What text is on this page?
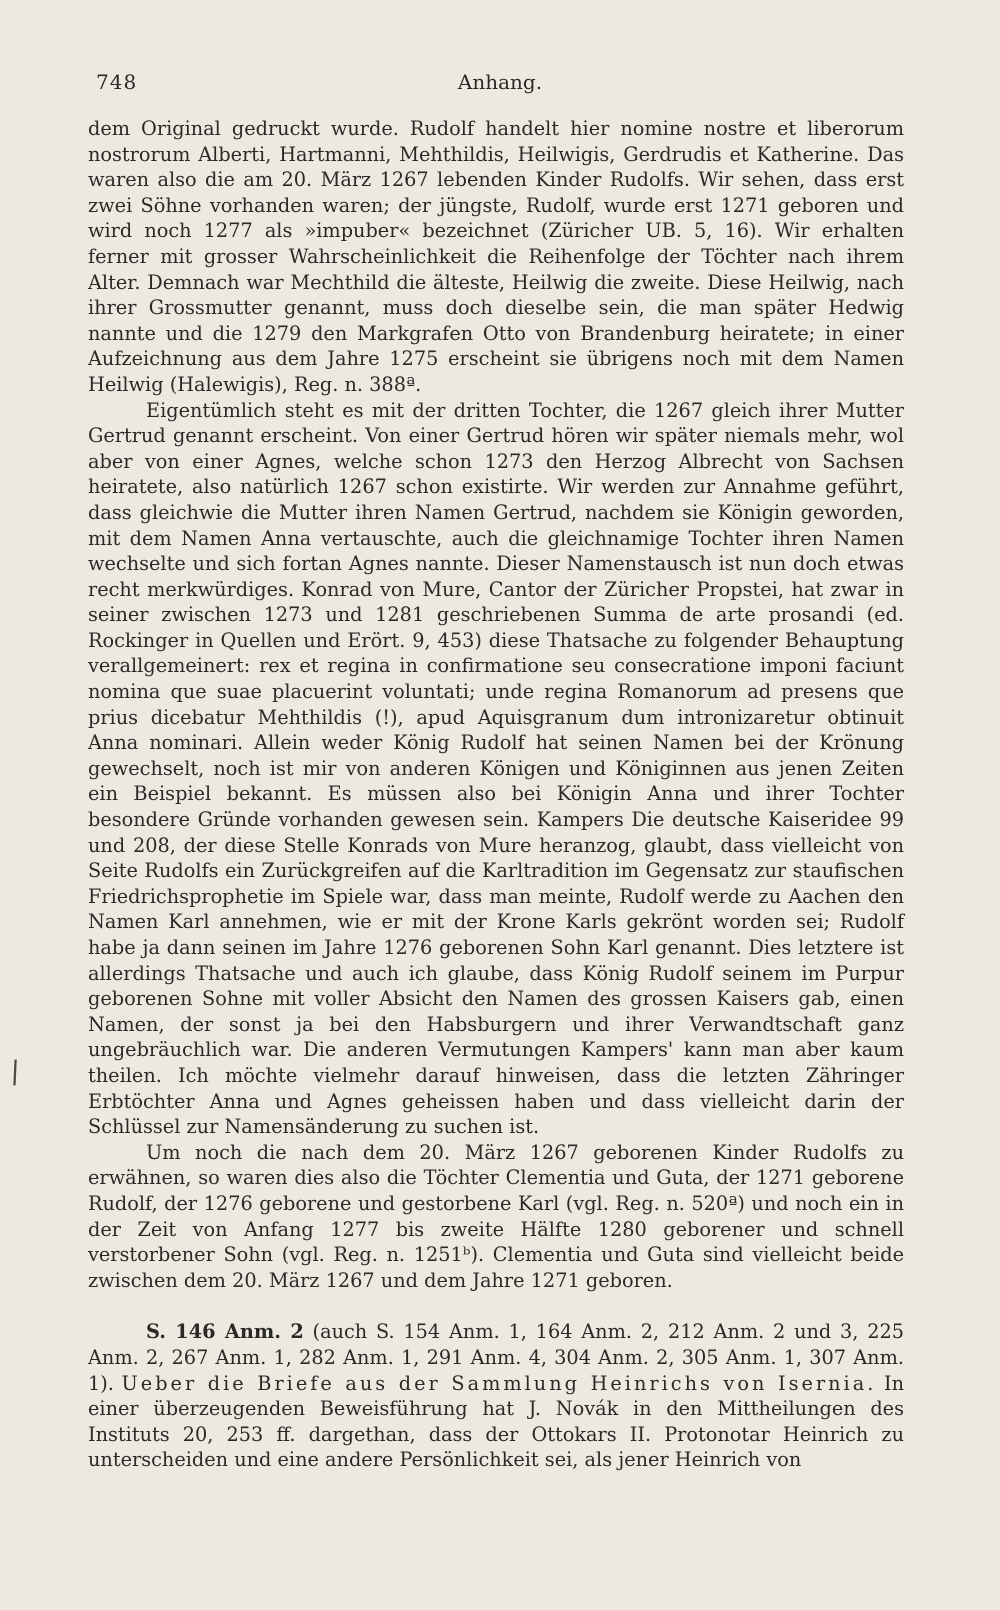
748	Anhang.
/

dem Original gedruckt wurde. Rudolf handelt hier nomine nostre et liberorum nostrorum Alberti, Hartmanni, Mehthildis, Heilwigis, Gerdrudis et Katherine. Das waren also die am 20. März 1267 lebenden Kinder Rudolfs. Wir sehen, dass erst zwei Söhne vorhanden waren; der jüngste, Rudolf, wurde erst 1271 geboren und wird noch 1277 als »impuber« bezeichnet (Züricher UB. 5, 16). Wir erhalten ferner mit grosser Wahrscheinlichkeit die Reihenfolge der Töchter nach ihrem Alter. Demnach war Mechthild die älteste, Heilwig die zweite. Diese Heilwig, nach ihrer Grossmutter genannt, muss doch dieselbe sein, die man später Hedwig nannte und die 1279 den Markgrafen Otto von Brandenburg heiratete; in einer Aufzeichnung aus dem Jahre 1275 erscheint sie übrigens noch mit dem Namen Heilwig (Halewigis), Reg. n. 388ª.

Eigentümlich steht es mit der dritten Tochter, die 1267 gleich ihrer Mutter Gertrud genannt erscheint. Von einer Gertrud hören wir später niemals mehr, wol aber von einer Agnes, welche schon 1273 den Herzog Albrecht von Sachsen heiratete, also natürlich 1267 schon existirte. Wir werden zur Annahme geführt, dass gleichwie die Mutter ihren Namen Gertrud, nachdem sie Königin geworden, mit dem Namen Anna vertauschte, auch die gleichnamige Tochter ihren Namen wechselte und sich fortan Agnes nannte. Dieser Namenstausch ist nun doch etwas recht merkwürdiges. Konrad von Mure, Cantor der Züricher Propstei, hat zwar in seiner zwischen 1273 und 1281 geschriebenen Summa de arte prosandi (ed. Rockinger in Quellen und Erört. 9, 453) diese Thatsache zu folgender Behauptung verallgemeinert: rex et regina in confirmatione seu consecratione imponi faciunt nomina que suae placuerint voluntati; unde regina Romanorum ad presens que prius dicebatur Mehthildis (!), apud Aquisgranum dum intronizaretur obtinuit Anna nominari. Allein weder König Rudolf hat seinen Namen bei der Krönung gewechselt, noch ist mir von anderen Königen und Königinnen aus jenen Zeiten ein Beispiel bekannt. Es müssen also bei Königin Anna und ihrer Tochter besondere Gründe vorhanden gewesen sein. Kampers Die deutsche Kaiseridee 99 und 208, der diese Stelle Konrads von Mure heranzog, glaubt, dass vielleicht von Seite Rudolfs ein Zurückgreifen auf die Karltradition im Gegensatz zur staufischen Friedrichsprophetie im Spiele war, dass man meinte, Rudolf werde zu Aachen den Namen Karl annehmen, wie er mit der Krone Karls gekrönt worden sei; Rudolf habe ja dann seinen im Jahre 1276 geborenen Sohn Karl genannt. Dies letztere ist allerdings Thatsache und auch ich glaube, dass König Rudolf seinem im Purpur geborenen Sohne mit voller Absicht den Namen des grossen Kaisers gab, einen Namen, der sonst ja bei den Habsburgern und ihrer Verwandtschaft ganz ungebräuchlich war. Die anderen Vermutungen Kampers' kann man aber kaum theilen. Ich möchte vielmehr darauf hinweisen, dass die letzten Zähringer Erbtöchter Anna und Agnes geheissen haben und dass vielleicht darin der Schlüssel zur Namensänderung zu suchen ist.

Um noch die nach dem 20. März 1267 geborenen Kinder Rudolfs zu erwähnen, so waren dies also die Töchter Clementia und Guta, der 1271 geborene Rudolf, der 1276 geborene und gestorbene Karl (vgl. Reg. n. 520ª) und noch ein in der Zeit von Anfang 1277 bis zweite Hälfte 1280 geborener und schnell verstorbener Sohn (vgl. Reg. n. 1251ᵇ). Clementia und Guta sind vielleicht beide zwischen dem 20. März 1267 und dem Jahre 1271 geboren.

S. 146 Anm. 2 (auch S. 154 Anm. 1, 164 Anm. 2, 212 Anm. 2 und 3, 225 Anm. 2, 267 Anm. 1, 282 Anm. 1, 291 Anm. 4, 304 Anm. 2, 305 Anm. 1, 307 Anm. 1). Ueber die Briefe aus der Sammlung Heinrichs von Isernia. In einer überzeugenden Beweisführung hat J. Novák in den Mittheilungen des Instituts 20, 253 ff. dargethan, dass der Ottokars II. Protonotar Heinrich zu unterscheiden und eine andere Persönlichkeit sei, als jener Heinrich von
